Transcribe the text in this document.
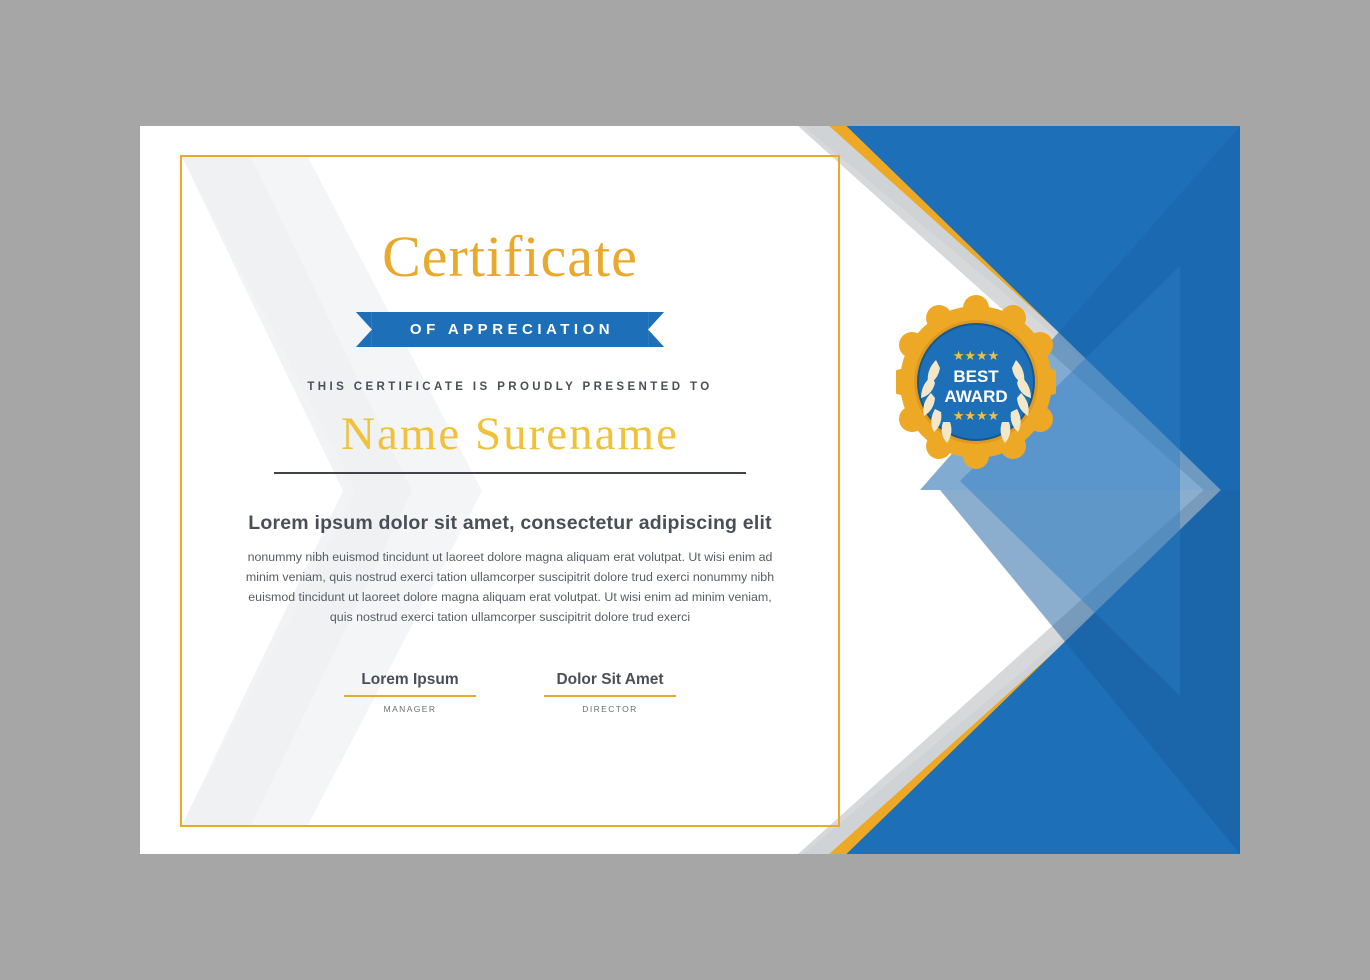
Certificate
OF APPRECIATION
THIS CERTIFICATE IS PROUDLY PRESENTED TO
Name Surename
Lorem ipsum dolor sit amet, consectetur adipiscing elit
nonummy nibh euismod tincidunt ut laoreet dolore magna aliquam erat volutpat. Ut wisi enim ad minim veniam, quis nostrud exerci tation ullamcorper suscipitrit dolore trud exerci nonummy nibh euismod tincidunt ut laoreet dolore magna aliquam erat volutpat. Ut wisi enim ad minim veniam, quis nostrud exerci tation ullamcorper suscipitrit dolore trud exerci
Lorem Ipsum
MANAGER
Dolor Sit Amet
DIRECTOR
★★★★
BEST
AWARD
★★★★
